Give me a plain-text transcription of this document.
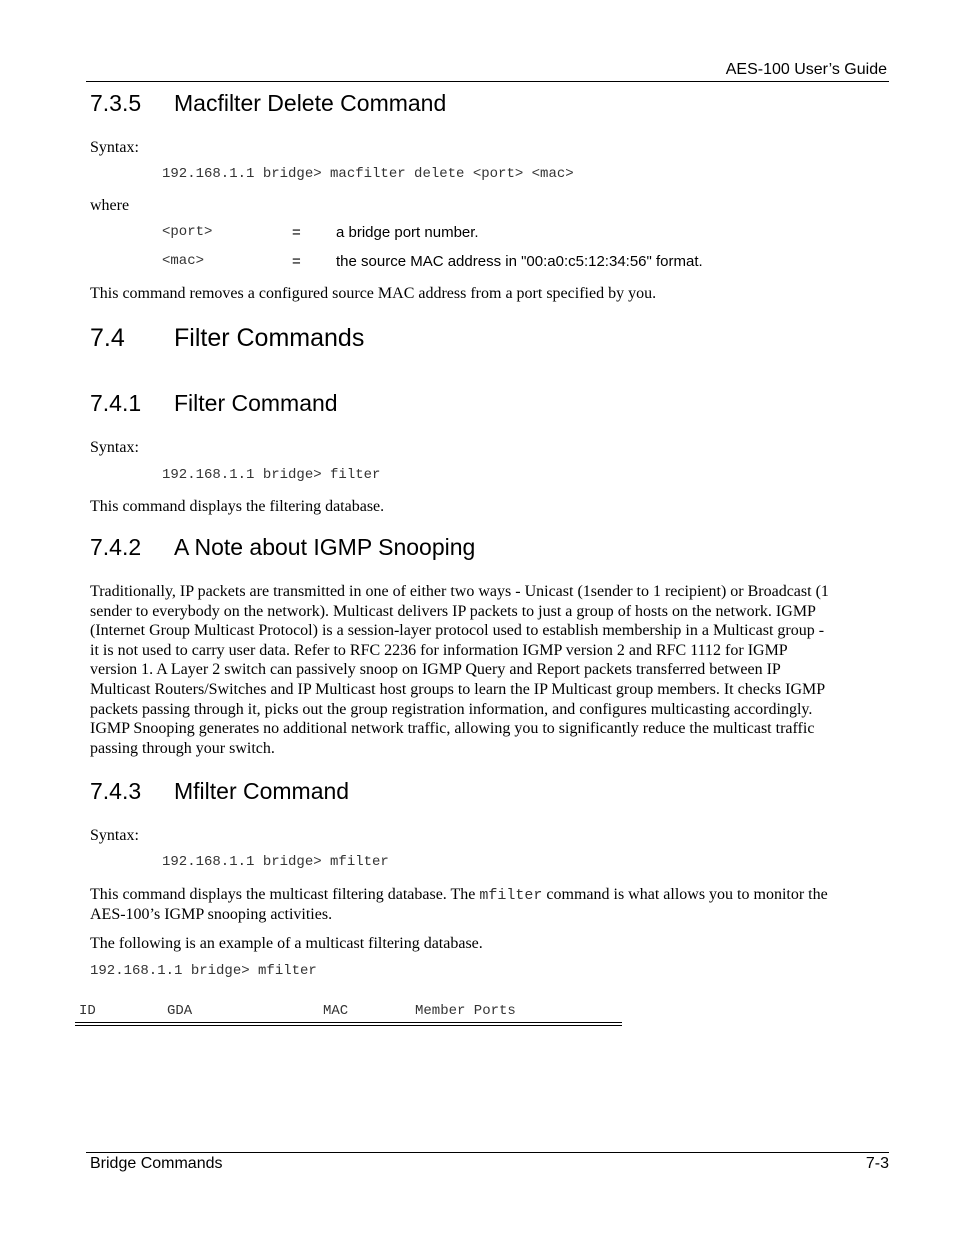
AES-100 User’s Guide
7.3.5 Macfilter Delete Command
Syntax:
192.168.1.1 bridge> macfilter delete <port> <mac>
where
<port>	= a bridge port number.
<mac>	= the source MAC address in "00:a0:c5:12:34:56" format.
This command removes a configured source MAC address from a port specified by you.
7.4 Filter Commands
7.4.1 Filter Command
Syntax:
192.168.1.1 bridge> filter
This command displays the filtering database.
7.4.2 A Note about IGMP Snooping
Traditionally, IP packets are transmitted in one of either two ways - Unicast (1sender to 1 recipient) or Broadcast (1
sender to everybody on the network). Multicast delivers IP packets to just a group of hosts on the network. IGMP
(Internet Group Multicast Protocol) is a session-layer protocol used to establish membership in a Multicast group -
it is not used to carry user data. Refer to RFC 2236 for information IGMP version 2 and RFC 1112 for IGMP
version 1. A Layer 2 switch can passively snoop on IGMP Query and Report packets transferred between IP
Multicast Routers/Switches and IP Multicast host groups to learn the IP Multicast group members. It checks IGMP
packets passing through it, picks out the group registration information, and configures multicasting accordingly.
IGMP Snooping generates no additional network traffic, allowing you to significantly reduce the multicast traffic
passing through your switch.
7.4.3 Mfilter Command
Syntax:
192.168.1.1 bridge> mfilter
This command displays the multicast filtering database. The mfilter command is what allows you to monitor the
AES-100’s IGMP snooping activities.
The following is an example of a multicast filtering database.
192.168.1.1 bridge> mfilter
ID	GDA	MAC	Member Ports
Bridge Commands	7-3
